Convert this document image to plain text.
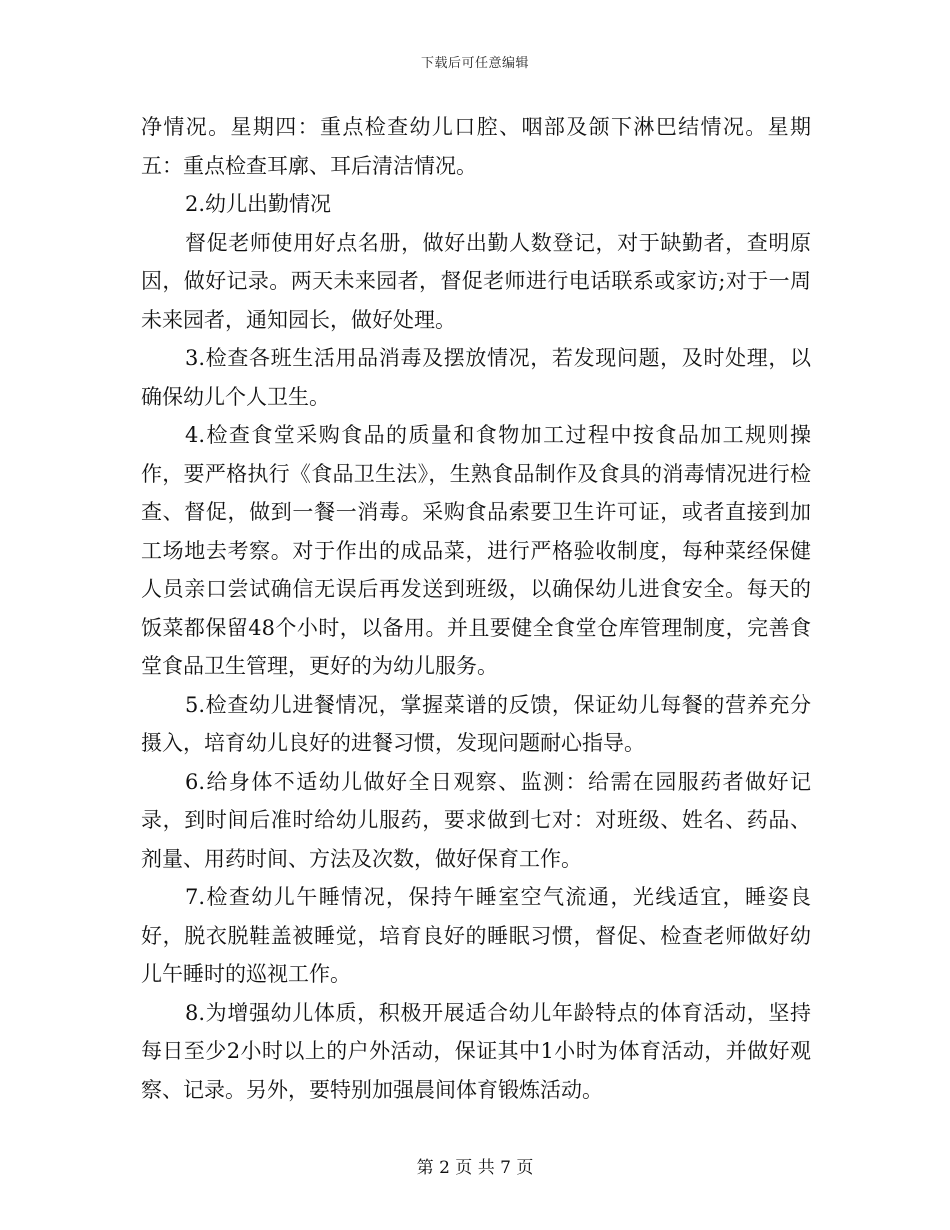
下载后可任意编辑

净情况。星期四：重点检查幼儿口腔、咽部及颌下淋巴结情况。星期五：重点检查耳廓、耳后清洁情况。

2.幼儿出勤情况

督促老师使用好点名册，做好出勤人数登记，对于缺勤者，查明原因，做好记录。两天未来园者，督促老师进行电话联系或家访;对于一周未来园者，通知园长，做好处理。

3.检查各班生活用品消毒及摆放情况，若发现问题，及时处理，以确保幼儿个人卫生。

4.检查食堂采购食品的质量和食物加工过程中按食品加工规则操作，要严格执行《食品卫生法》，生熟食品制作及食具的消毒情况进行检查、督促，做到一餐一消毒。采购食品索要卫生许可证，或者直接到加工场地去考察。对于作出的成品菜，进行严格验收制度，每种菜经保健人员亲口尝试确信无误后再发送到班级，以确保幼儿进食安全。每天的饭菜都保留48个小时，以备用。并且要健全食堂仓库管理制度，完善食堂食品卫生管理，更好的为幼儿服务。

5.检查幼儿进餐情况，掌握菜谱的反馈，保证幼儿每餐的营养充分摄入，培育幼儿良好的进餐习惯，发现问题耐心指导。

6.给身体不适幼儿做好全日观察、监测：给需在园服药者做好记录，到时间后准时给幼儿服药，要求做到七对：对班级、姓名、药品、剂量、用药时间、方法及次数，做好保育工作。

7.检查幼儿午睡情况，保持午睡室空气流通，光线适宜，睡姿良好，脱衣脱鞋盖被睡觉，培育良好的睡眠习惯，督促、检查老师做好幼儿午睡时的巡视工作。

8.为增强幼儿体质，积极开展适合幼儿年龄特点的体育活动，坚持每日至少2小时以上的户外活动，保证其中1小时为体育活动，并做好观察、记录。另外，要特别加强晨间体育锻炼活动。

第 2 页 共 7 页
